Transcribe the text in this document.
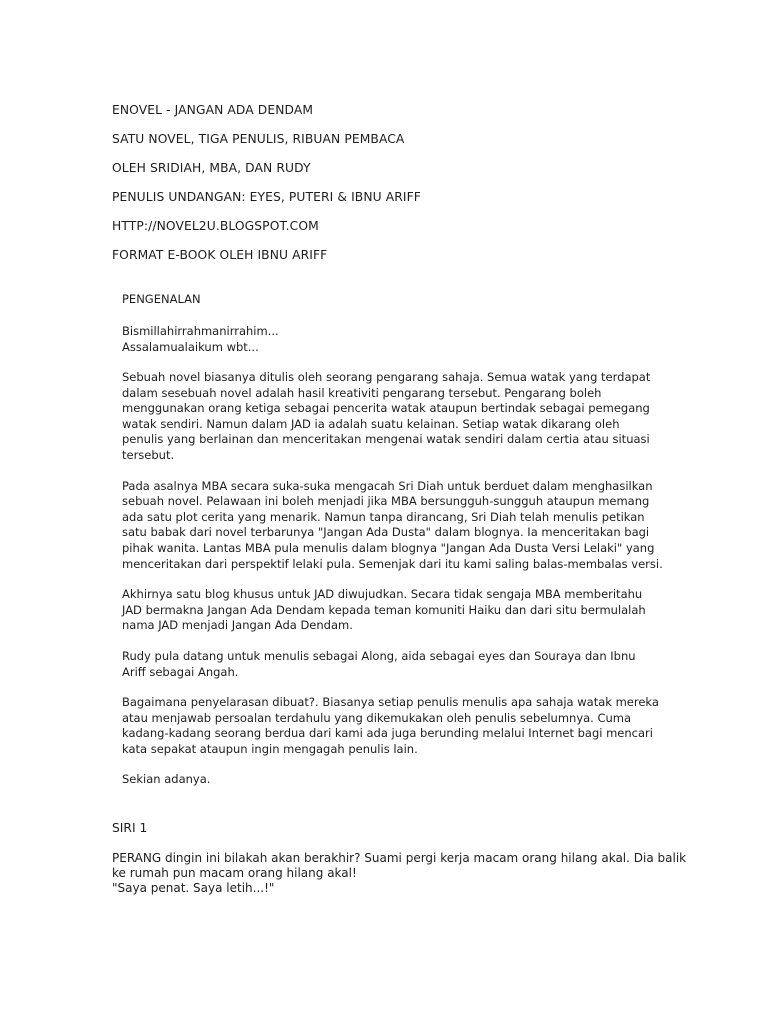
ENOVEL - JANGAN ADA DENDAM
SATU NOVEL, TIGA PENULIS, RIBUAN PEMBACA
OLEH SRIDIAH, MBA, DAN RUDY
PENULIS UNDANGAN: EYES, PUTERI & IBNU ARIFF
HTTP://NOVEL2U.BLOGSPOT.COM
FORMAT E-BOOK OLEH IBNU ARIFF
PENGENALAN
Bismillahirrahmanirrahim...
Assalamualaikum wbt...
Sebuah novel biasanya ditulis oleh seorang pengarang sahaja. Semua watak yang terdapat
dalam sesebuah novel adalah hasil kreativiti pengarang tersebut. Pengarang boleh
menggunakan orang ketiga sebagai pencerita watak ataupun bertindak sebagai pemegang
watak sendiri. Namun dalam JAD ia adalah suatu kelainan. Setiap watak dikarang oleh
penulis yang berlainan dan menceritakan mengenai watak sendiri dalam certia atau situasi
tersebut.
Pada asalnya MBA secara suka-suka mengacah Sri Diah untuk berduet dalam menghasilkan
sebuah novel. Pelawaan ini boleh menjadi jika MBA bersungguh-sungguh ataupun memang
ada satu plot cerita yang menarik. Namun tanpa dirancang, Sri Diah telah menulis petikan
satu babak dari novel terbarunya "Jangan Ada Dusta" dalam blognya. Ia menceritakan bagi
pihak wanita. Lantas MBA pula menulis dalam blognya "Jangan Ada Dusta Versi Lelaki" yang
menceritakan dari perspektif lelaki pula. Semenjak dari itu kami saling balas-membalas versi.
Akhirnya satu blog khusus untuk JAD diwujudkan. Secara tidak sengaja MBA memberitahu
JAD bermakna Jangan Ada Dendam kepada teman komuniti Haiku dan dari situ bermulalah
nama JAD menjadi Jangan Ada Dendam.
Rudy pula datang untuk menulis sebagai Along, aida sebagai eyes dan Souraya dan Ibnu
Ariff sebagai Angah.
Bagaimana penyelarasan dibuat?. Biasanya setiap penulis menulis apa sahaja watak mereka
atau menjawab persoalan terdahulu yang dikemukakan oleh penulis sebelumnya. Cuma
kadang-kadang seorang berdua dari kami ada juga berunding melalui Internet bagi mencari
kata sepakat ataupun ingin mengagah penulis lain.
Sekian adanya.
SIRI 1
PERANG dingin ini bilakah akan berakhir? Suami pergi kerja macam orang hilang akal. Dia balik
ke rumah pun macam orang hilang akal!
"Saya penat. Saya letih...!"
